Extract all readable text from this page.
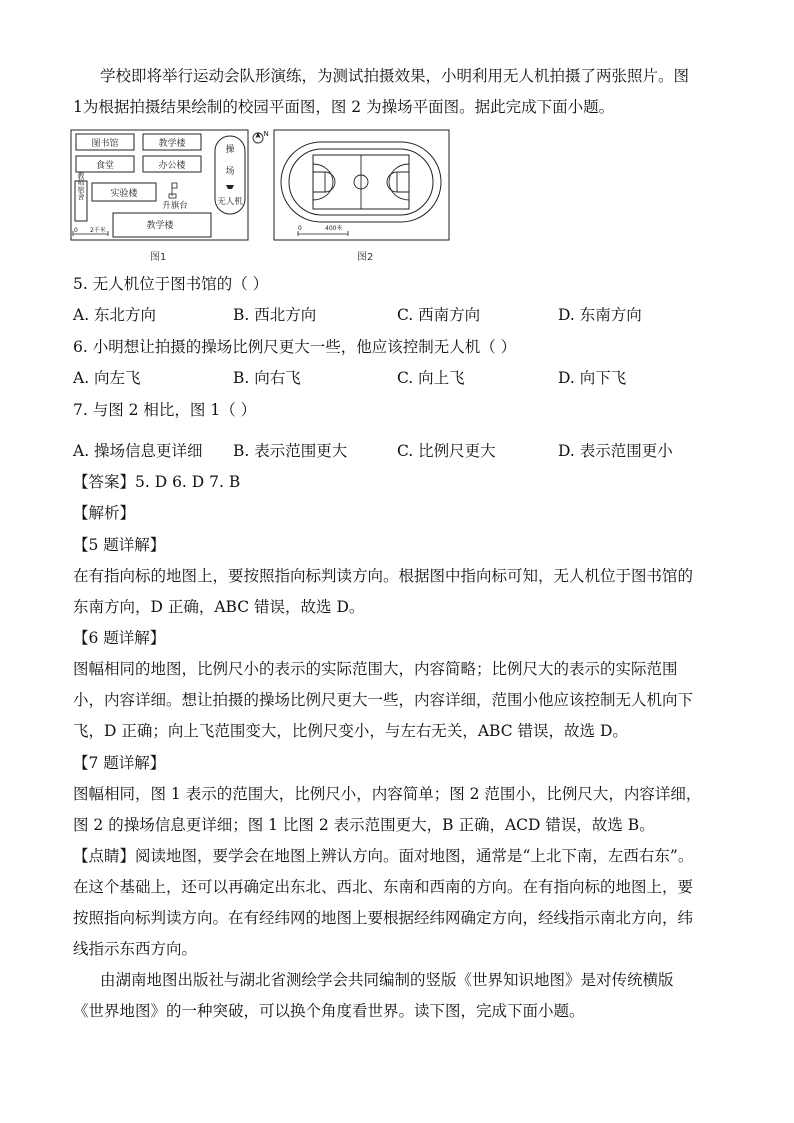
学校即将举行运动会队形演练，为测试拍摄效果，小明利用无人机拍摄了两张照片。图
1为根据拍摄结果绘制的校园平面图，图 2 为操场平面图。据此完成下面小题。
图书馆	教学楼
食堂	办公楼
教师宿舍	实验楼
升旗台
教学楼
操
场
无人机
0 2千米
N
0	400米
图1	图2
5. 无人机位于图书馆的（ ）
A. 东北方向	B. 西北方向	C. 西南方向	D. 东南方向
6. 小明想让拍摄的操场比例尺更大一些，他应该控制无人机（ ）
A. 向左飞	B. 向右飞	C. 向上飞	D. 向下飞
7. 与图 2 相比，图 1（ ）
A. 操场信息更详细 B. 表示范围更大	C. 比例尺更大	D. 表示范围更小
【答案】5. D 6. D 7. B
【解析】
【5 题详解】
在有指向标的地图上，要按照指向标判读方向。根据图中指向标可知，无人机位于图书馆的
东南方向，D 正确，ABC 错误，故选 D。
【6 题详解】
图幅相同的地图，比例尺小的表示的实际范围大，内容简略；比例尺大的表示的实际范围
小，内容详细。想让拍摄的操场比例尺更大一些，内容详细，范围小他应该控制无人机向下
飞，D 正确；向上飞范围变大，比例尺变小，与左右无关，ABC 错误，故选 D。
【7 题详解】
图幅相同，图 1 表示的范围大，比例尺小，内容简单；图 2 范围小，比例尺大，内容详细，
图 2 的操场信息更详细；图 1 比图 2 表示范围更大，B 正确，ACD 错误，故选 B。
【点睛】阅读地图，要学会在地图上辨认方向。面对地图，通常是“上北下南，左西右东”。
在这个基础上，还可以再确定出东北、西北、东南和西南的方向。在有指向标的地图上，要
按照指向标判读方向。在有经纬网的地图上要根据经纬网确定方向，经线指示南北方向，纬
线指示东西方向。
由湖南地图出版社与湖北省测绘学会共同编制的竖版《世界知识地图》是对传统横版
《世界地图》的一种突破，可以换个角度看世界。读下图，完成下面小题。
